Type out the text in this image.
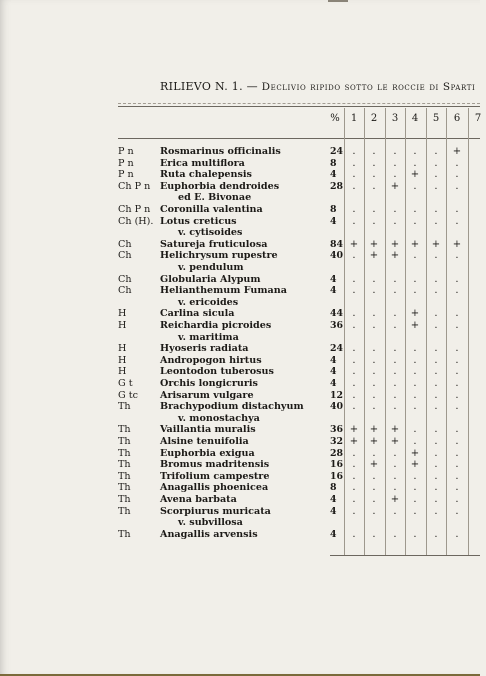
RILIEVO N. 1. — Declivio ripido sotto le roccie di Sparti
%	1	2	3	4	5	6	7
P n	Rosmarinus officinalis	24 .	.	.	.	.	+
P n	Erica multiflora	8	.	.	.	.	.	.
P n	Ruta chalepensis	4	.	.	.	+	.	.
Ch P n Euphorbia dendroides	28 .	.	+	.	.	.
ed E. Bivonae
Ch P n Coronilla valentina	8	.	.	.	.	.	.
Ch (H). Lotus creticus	4	.	.	.	.	.	.
v. cytisoides
Ch	Satureja fruticulosa	84 +	+	+	+	+	+
Ch	Helichrysum rupestre	40 .	+	+	.	.	.
v. pendulum
Ch	Globularia Alypum	4	.	.	.	.	.	.
Ch	Helianthemum Fumana	4	.	.	.	.	.	.
v. ericoides
H	Carlina sicula	44 .	.	.	+	.	.
H	Reichardia picroides	36 .	.	.	+	.	.
v. maritima
H	Hyoseris radiata	24 .	.	.	.	.	.
H	Andropogon hirtus	4	.	.	.	.	.	.
H	Leontodon tuberosus	4	.	.	.	.	.	.
G t	Orchis longicruris	4	.	.	.	.	.	.
G tc Arisarum vulgare	12 .	.	.	.	.	.
Th	Brachypodium distachyum	40 .	.	.	.	.	.
v. monostachya
Th	Vaillantia muralis	36 +	+	+	.	.	.
Th	Alsine tenuifolia	32 +	+	+	.	.	.
Th	Euphorbia exigua	28 .	.	.	+	.	.
Th	Bromus madritensis	16 .	+	.	+	.	.
Th	Trifolium campestre	16 .	.	.	.	.	.
Th	Anagallis phoenicea	8	.	.	.	.	.	.
Th	Avena barbata	4	.	.	+	.	.	.
Th	Scorpiurus muricata	4	.	.	.	.	.	.
v. subvillosa
Th	Anagallis arvensis	4	.	.	.	.	.	.
